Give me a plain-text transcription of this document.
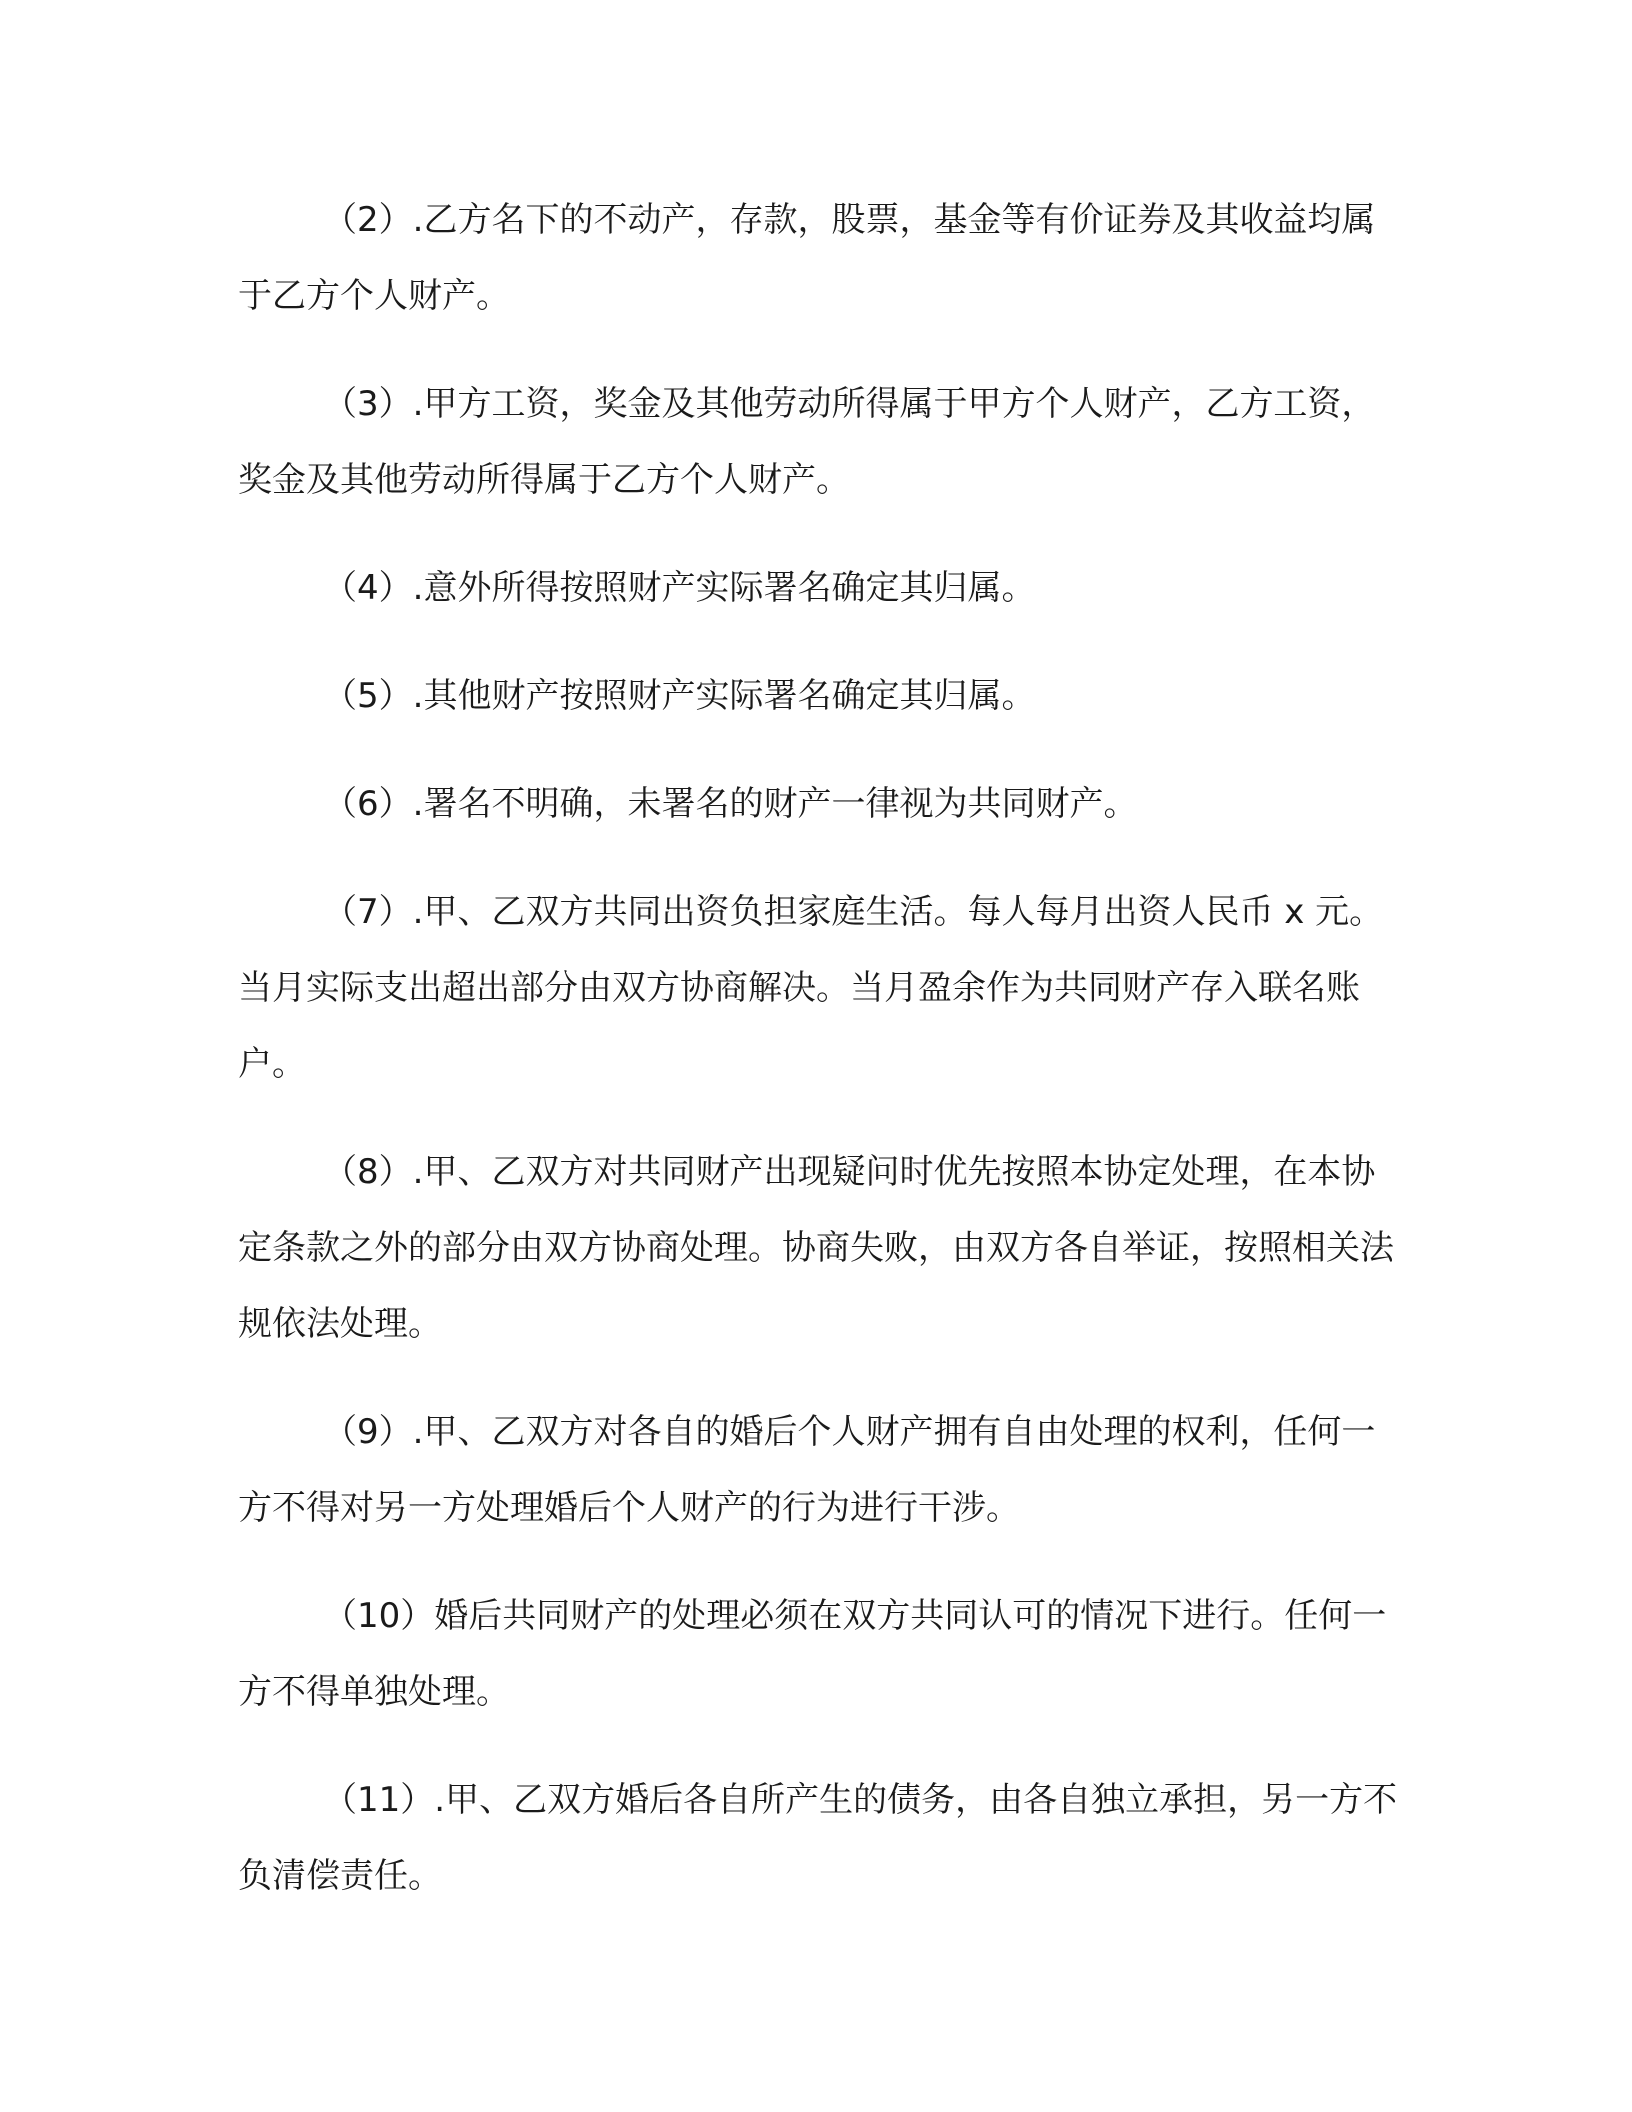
（2）.乙方名下的不动产，存款，股票，基金等有价证券及其收益均属于乙方个人财产。

（3）.甲方工资，奖金及其他劳动所得属于甲方个人财产，乙方工资，奖金及其他劳动所得属于乙方个人财产。

（4）.意外所得按照财产实际署名确定其归属。

（5）.其他财产按照财产实际署名确定其归属。

（6）.署名不明确，未署名的财产一律视为共同财产。

（7）.甲、乙双方共同出资负担家庭生活。每人每月出资人民币 x 元。当月实际支出超出部分由双方协商解决。当月盈余作为共同财产存入联名账户。

（8）.甲、乙双方对共同财产出现疑问时优先按照本协定处理，在本协定条款之外的部分由双方协商处理。协商失败，由双方各自举证，按照相关法规依法处理。

（9）.甲、乙双方对各自的婚后个人财产拥有自由处理的权利，任何一方不得对另一方处理婚后个人财产的行为进行干涉。

（10）婚后共同财产的处理必须在双方共同认可的情况下进行。任何一方不得单独处理。

（11）.甲、乙双方婚后各自所产生的债务，由各自独立承担，另一方不负清偿责任。
